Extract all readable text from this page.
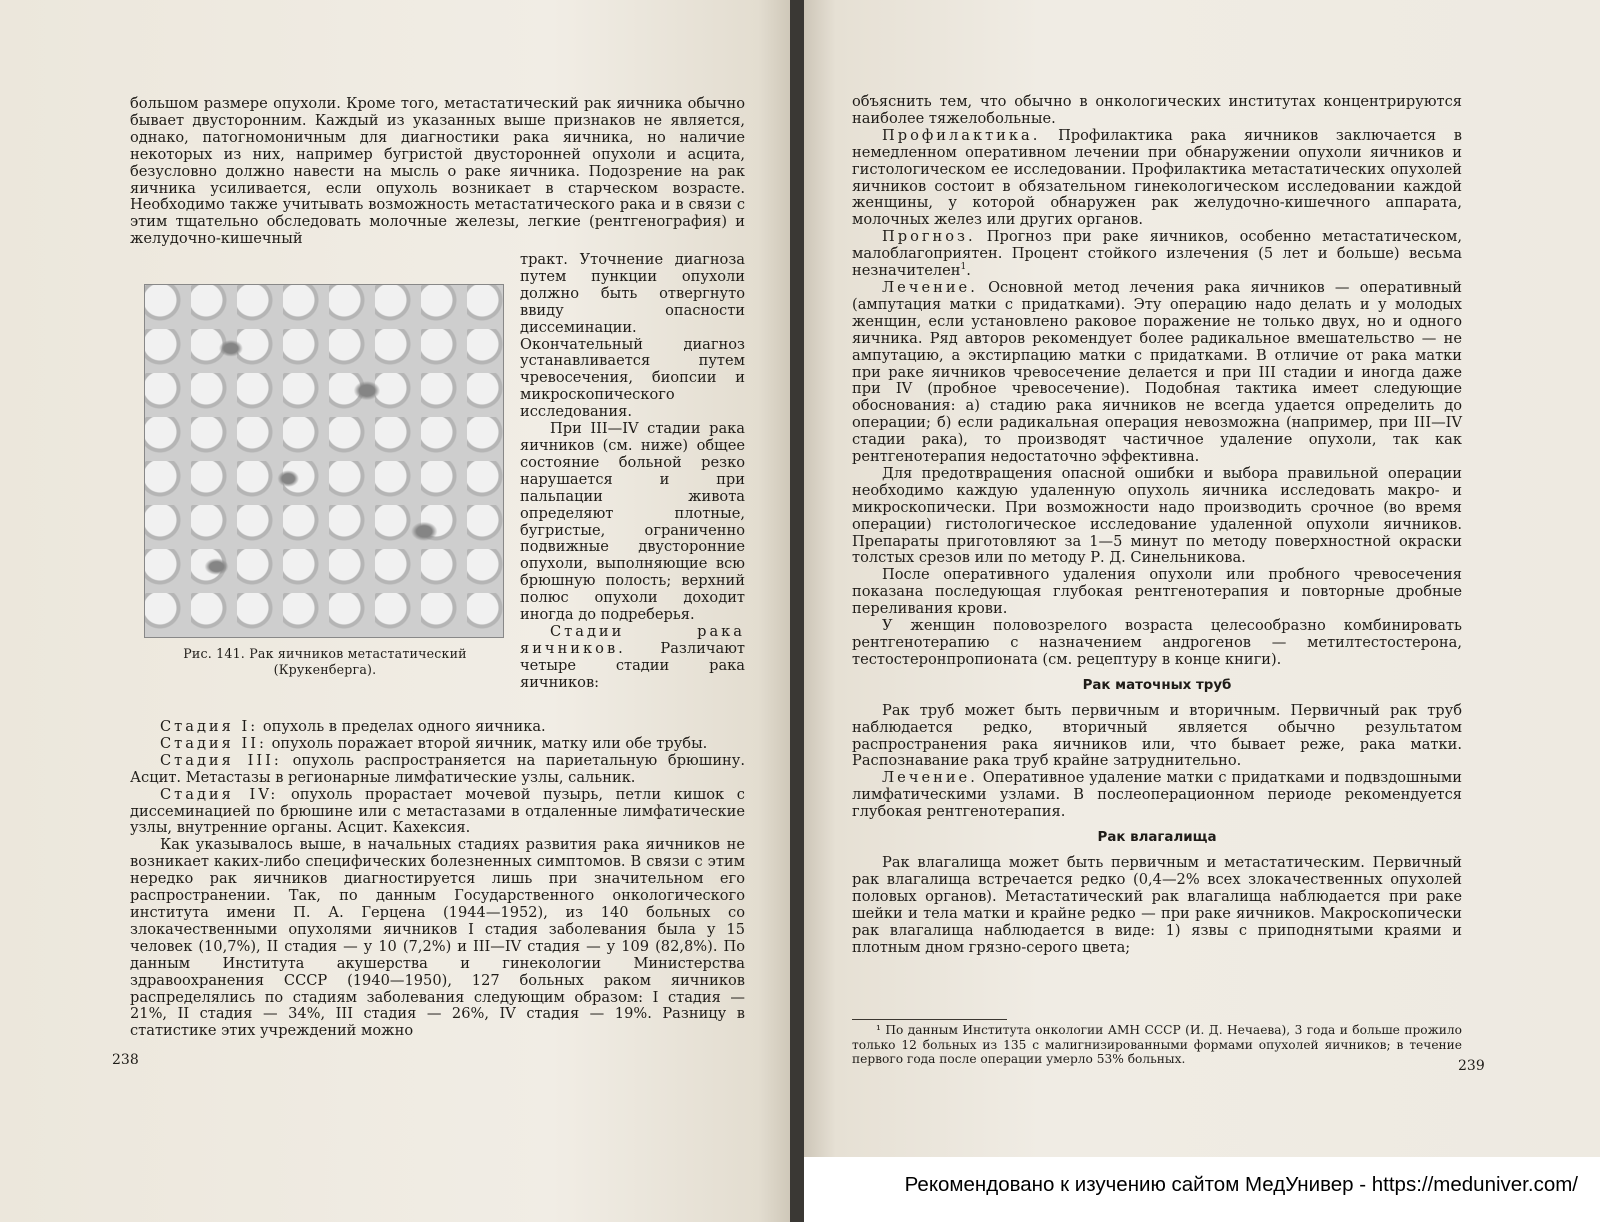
большом размере опухоли. Кроме того, метастатический рак яичника обычно бывает двусторонним. Каждый из указанных выше признаков не является, однако, патогномоничным для диагностики рака яичника, но наличие некоторых из них, например бугристой двусторонней опухоли и асцита, безусловно должно навести на мысль о раке яичника. Подозрение на рак яичника усиливается, если опухоль возникает в старческом возрасте. Необходимо также учитывать возможность метастатического рака и в связи с этим тщательно обследовать молочные железы, легкие (рентгенография) и желудочно-кишечный

Рис. 141. Рак яичников метастатический (Крукенберга).

тракт. Уточнение диагноза путем пункции опухоли должно быть отвергнуто ввиду опасности диссеминации. Окончательный диагноз устанавливается путем чревосечения, биопсии и микроскопического исследования.

При III—IV стадии рака яичников (см. ниже) общее состояние больной резко нарушается и при пальпации живота определяют плотные, бугристые, ограниченно подвижные двусторонние опухоли, выполняющие всю брюшную полость; верхний полюс опухоли доходит иногда до подреберья.

Стадии рака яичников. Различают четыре стадии рака яичников:

Стадия I: опухоль в пределах одного яичника.

Стадия II: опухоль поражает второй яичник, матку или обе трубы.

Стадия III: опухоль распространяется на париетальную брюшину. Асцит. Метастазы в регионарные лимфатические узлы, сальник.

Стадия IV: опухоль прорастает мочевой пузырь, петли кишок с диссеминацией по брюшине или с метастазами в отдаленные лимфатические узлы, внутренние органы. Асцит. Кахексия.

Как указывалось выше, в начальных стадиях развития рака яичников не возникает каких-либо специфических болезненных симптомов. В связи с этим нередко рак яичников диагностируется лишь при значительном его распространении. Так, по данным Государственного онкологического института имени П. А. Герцена (1944—1952), из 140 больных со злокачественными опухолями яичников I стадия заболевания была у 15 человек (10,7%), II стадия — у 10 (7,2%) и III—IV стадия — у 109 (82,8%). По данным Института акушерства и гинекологии Министерства здравоохранения СССР (1940—1950), 127 больных раком яичников распределялись по стадиям заболевания следующим образом: I стадия — 21%, II стадия — 34%, III стадия — 26%, IV стадия — 19%. Разницу в статистике этих учреждений можно

238

объяснить тем, что обычно в онкологических институтах концентрируются наиболее тяжелобольные.

Профилактика. Профилактика рака яичников заключается в немедленном оперативном лечении при обнаружении опухоли яичников и гистологическом ее исследовании. Профилактика метастатических опухолей яичников состоит в обязательном гинекологическом исследовании каждой женщины, у которой обнаружен рак желудочно-кишечного аппарата, молочных желез или других органов.

Прогноз. Прогноз при раке яичников, особенно метастатическом, малоблагоприятен. Процент стойкого излечения (5 лет и больше) весьма незначителен$^1$.

Лечение. Основной метод лечения рака яичников — оперативный (ампутация матки с придатками). Эту операцию надо делать и у молодых женщин, если установлено раковое поражение не только двух, но и одного яичника. Ряд авторов рекомендует более радикальное вмешательство — не ампутацию, а экстирпацию матки с придатками. В отличие от рака матки при раке яичников чревосечение делается и при III стадии и иногда даже при IV (пробное чревосечение). Подобная тактика имеет следующие обоснования: а) стадию рака яичников не всегда удается определить до операции; б) если радикальная операция невозможна (например, при III—IV стадии рака), то производят частичное удаление опухоли, так как рентгенотерапия недостаточно эффективна.

Для предотвращения опасной ошибки и выбора правильной операции необходимо каждую удаленную опухоль яичника исследовать макро- и микроскопически. При возможности надо производить срочное (во время операции) гистологическое исследование удаленной опухоли яичников. Препараты приготовляют за 1—5 минут по методу поверхностной окраски толстых срезов или по методу Р. Д. Синельникова.

После оперативного удаления опухоли или пробного чревосечения показана последующая глубокая рентгенотерапия и повторные дробные переливания крови.

У женщин половозрелого возраста целесообразно комбинировать рентгенотерапию с назначением андрогенов — метилтестостерона, тестостеронпропионата (см. рецептуру в конце книги).

Рак маточных труб

Рак труб может быть первичным и вторичным. Первичный рак труб наблюдается редко, вторичный является обычно результатом распространения рака яичников или, что бывает реже, рака матки. Распознавание рака труб крайне затруднительно.

Лечение. Оперативное удаление матки с придатками и подвздошными лимфатическими узлами. В послеоперационном периоде рекомендуется глубокая рентгенотерапия.

Рак влагалища

Рак влагалища может быть первичным и метастатическим. Первичный рак влагалища встречается редко (0,4—2% всех злокачественных опухолей половых органов). Метастатический рак влагалища наблюдается при раке шейки и тела матки и крайне редко — при раке яичников. Макроскопически рак влагалища наблюдается в виде: 1) язвы с приподнятыми краями и плотным дном грязно-серого цвета;

¹ По данным Института онкологии АМН СССР (И. Д. Нечаева), 3 года и больше прожило только 12 больных из 135 с малигнизированными формами опухолей яичников; в течение первого года после операции умерло 53% больных.	239
Рекомендовано к изучению сайтом МедУнивер - https://meduniver.com/
